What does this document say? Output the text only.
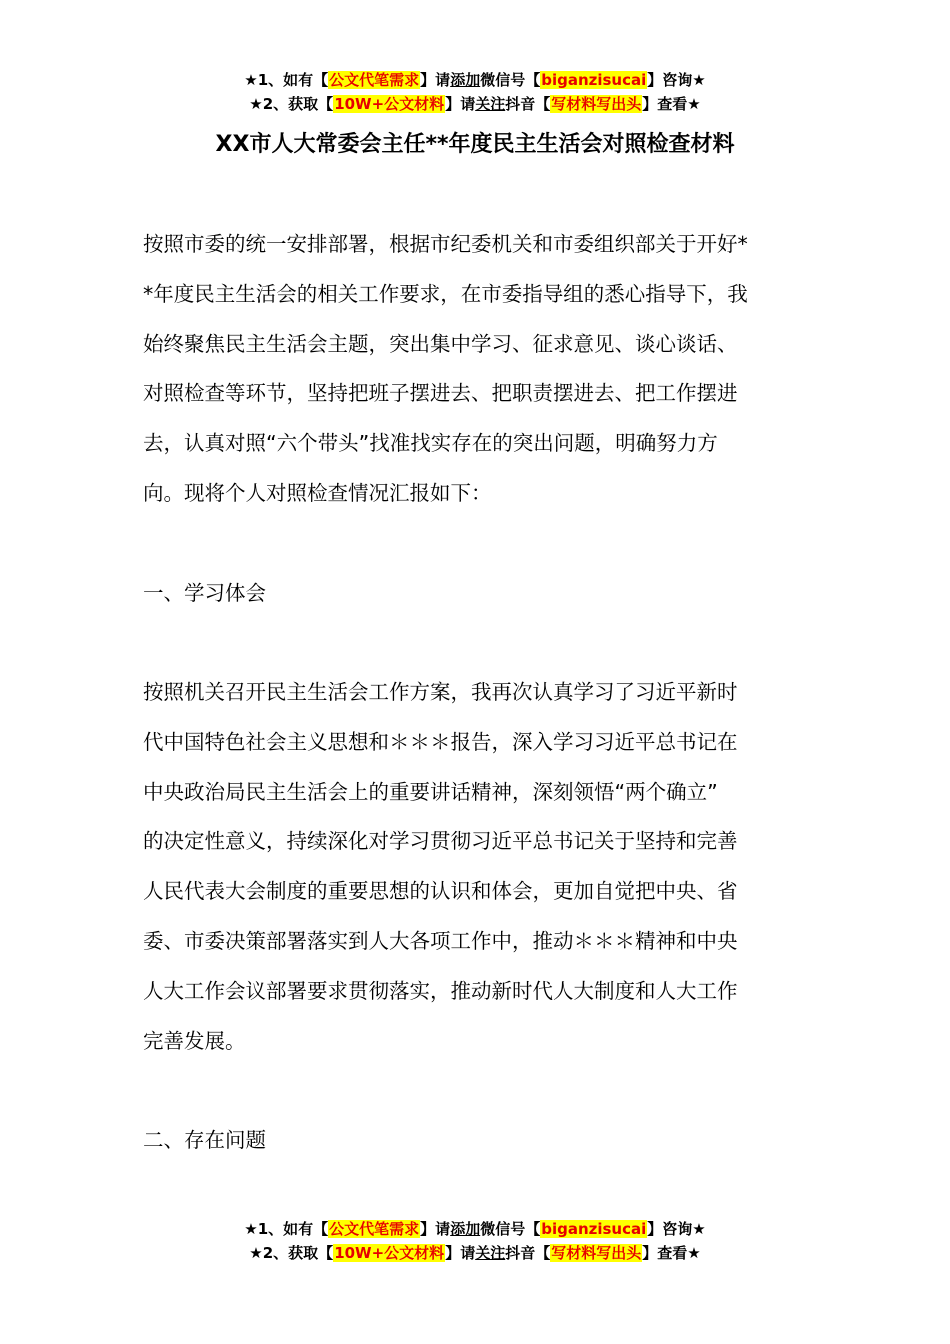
★1、如有【公文代笔需求】请添加微信号【biganzisucai】咨询★
★2、获取【10W+公文材料】请关注抖音【写材料写出头】查看★
XX市人大常委会主任**年度民主生活会对照检查材料
按照市委的统一安排部署，根据市纪委机关和市委组织部关于开好*
*年度民主生活会的相关工作要求，在市委指导组的悉心指导下，我
始终聚焦民主生活会主题，突出集中学习、征求意见、谈心谈话、
对照检查等环节，坚持把班子摆进去、把职责摆进去、把工作摆进
去，认真对照“六个带头”找准找实存在的突出问题，明确努力方
向。现将个人对照检查情况汇报如下：
一、学习体会
按照机关召开民主生活会工作方案，我再次认真学习了习近平新时
代中国特色社会主义思想和＊＊＊报告，深入学习习近平总书记在
中央政治局民主生活会上的重要讲话精神，深刻领悟“两个确立”
的决定性意义，持续深化对学习贯彻习近平总书记关于坚持和完善
人民代表大会制度的重要思想的认识和体会，更加自觉把中央、省
委、市委决策部署落实到人大各项工作中，推动＊＊＊精神和中央
人大工作会议部署要求贯彻落实，推动新时代人大制度和人大工作
完善发展。
二、存在问题
★1、如有【公文代笔需求】请添加微信号【biganzisucai】咨询★
★2、获取【10W+公文材料】请关注抖音【写材料写出头】查看★
